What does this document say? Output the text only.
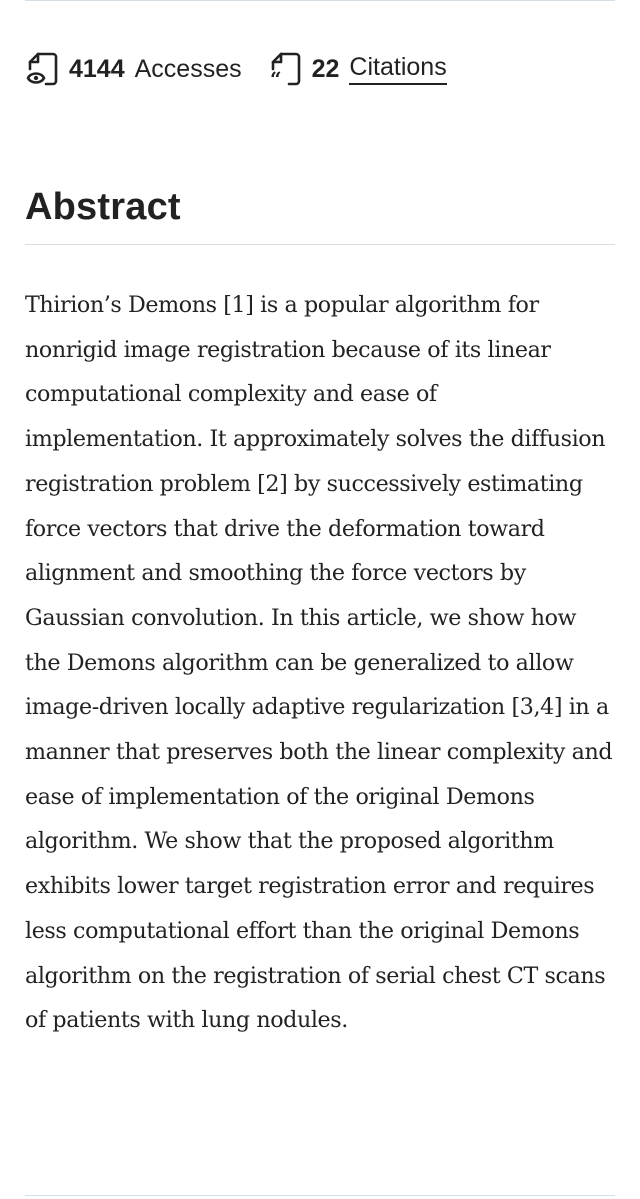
4144 Accesses “ 22 Citations
Abstract

Thirion’s Demons [1] is a popular algorithm for nonrigid image registration because of its linear computational complexity and ease of implementation. It approximately solves the diffusion registration problem [2] by successively estimating force vectors that drive the deformation toward alignment and smoothing the force vectors by Gaussian convolution. In this article, we show how the Demons algorithm can be generalized to allow image-driven locally adaptive regularization [3,4] in a manner that preserves both the linear complexity and ease of implementation of the original Demons algorithm. We show that the proposed algorithm exhibits lower target registration error and requires less computational effort than the original Demons algorithm on the registration of serial chest CT scans of patients with lung nodules.
